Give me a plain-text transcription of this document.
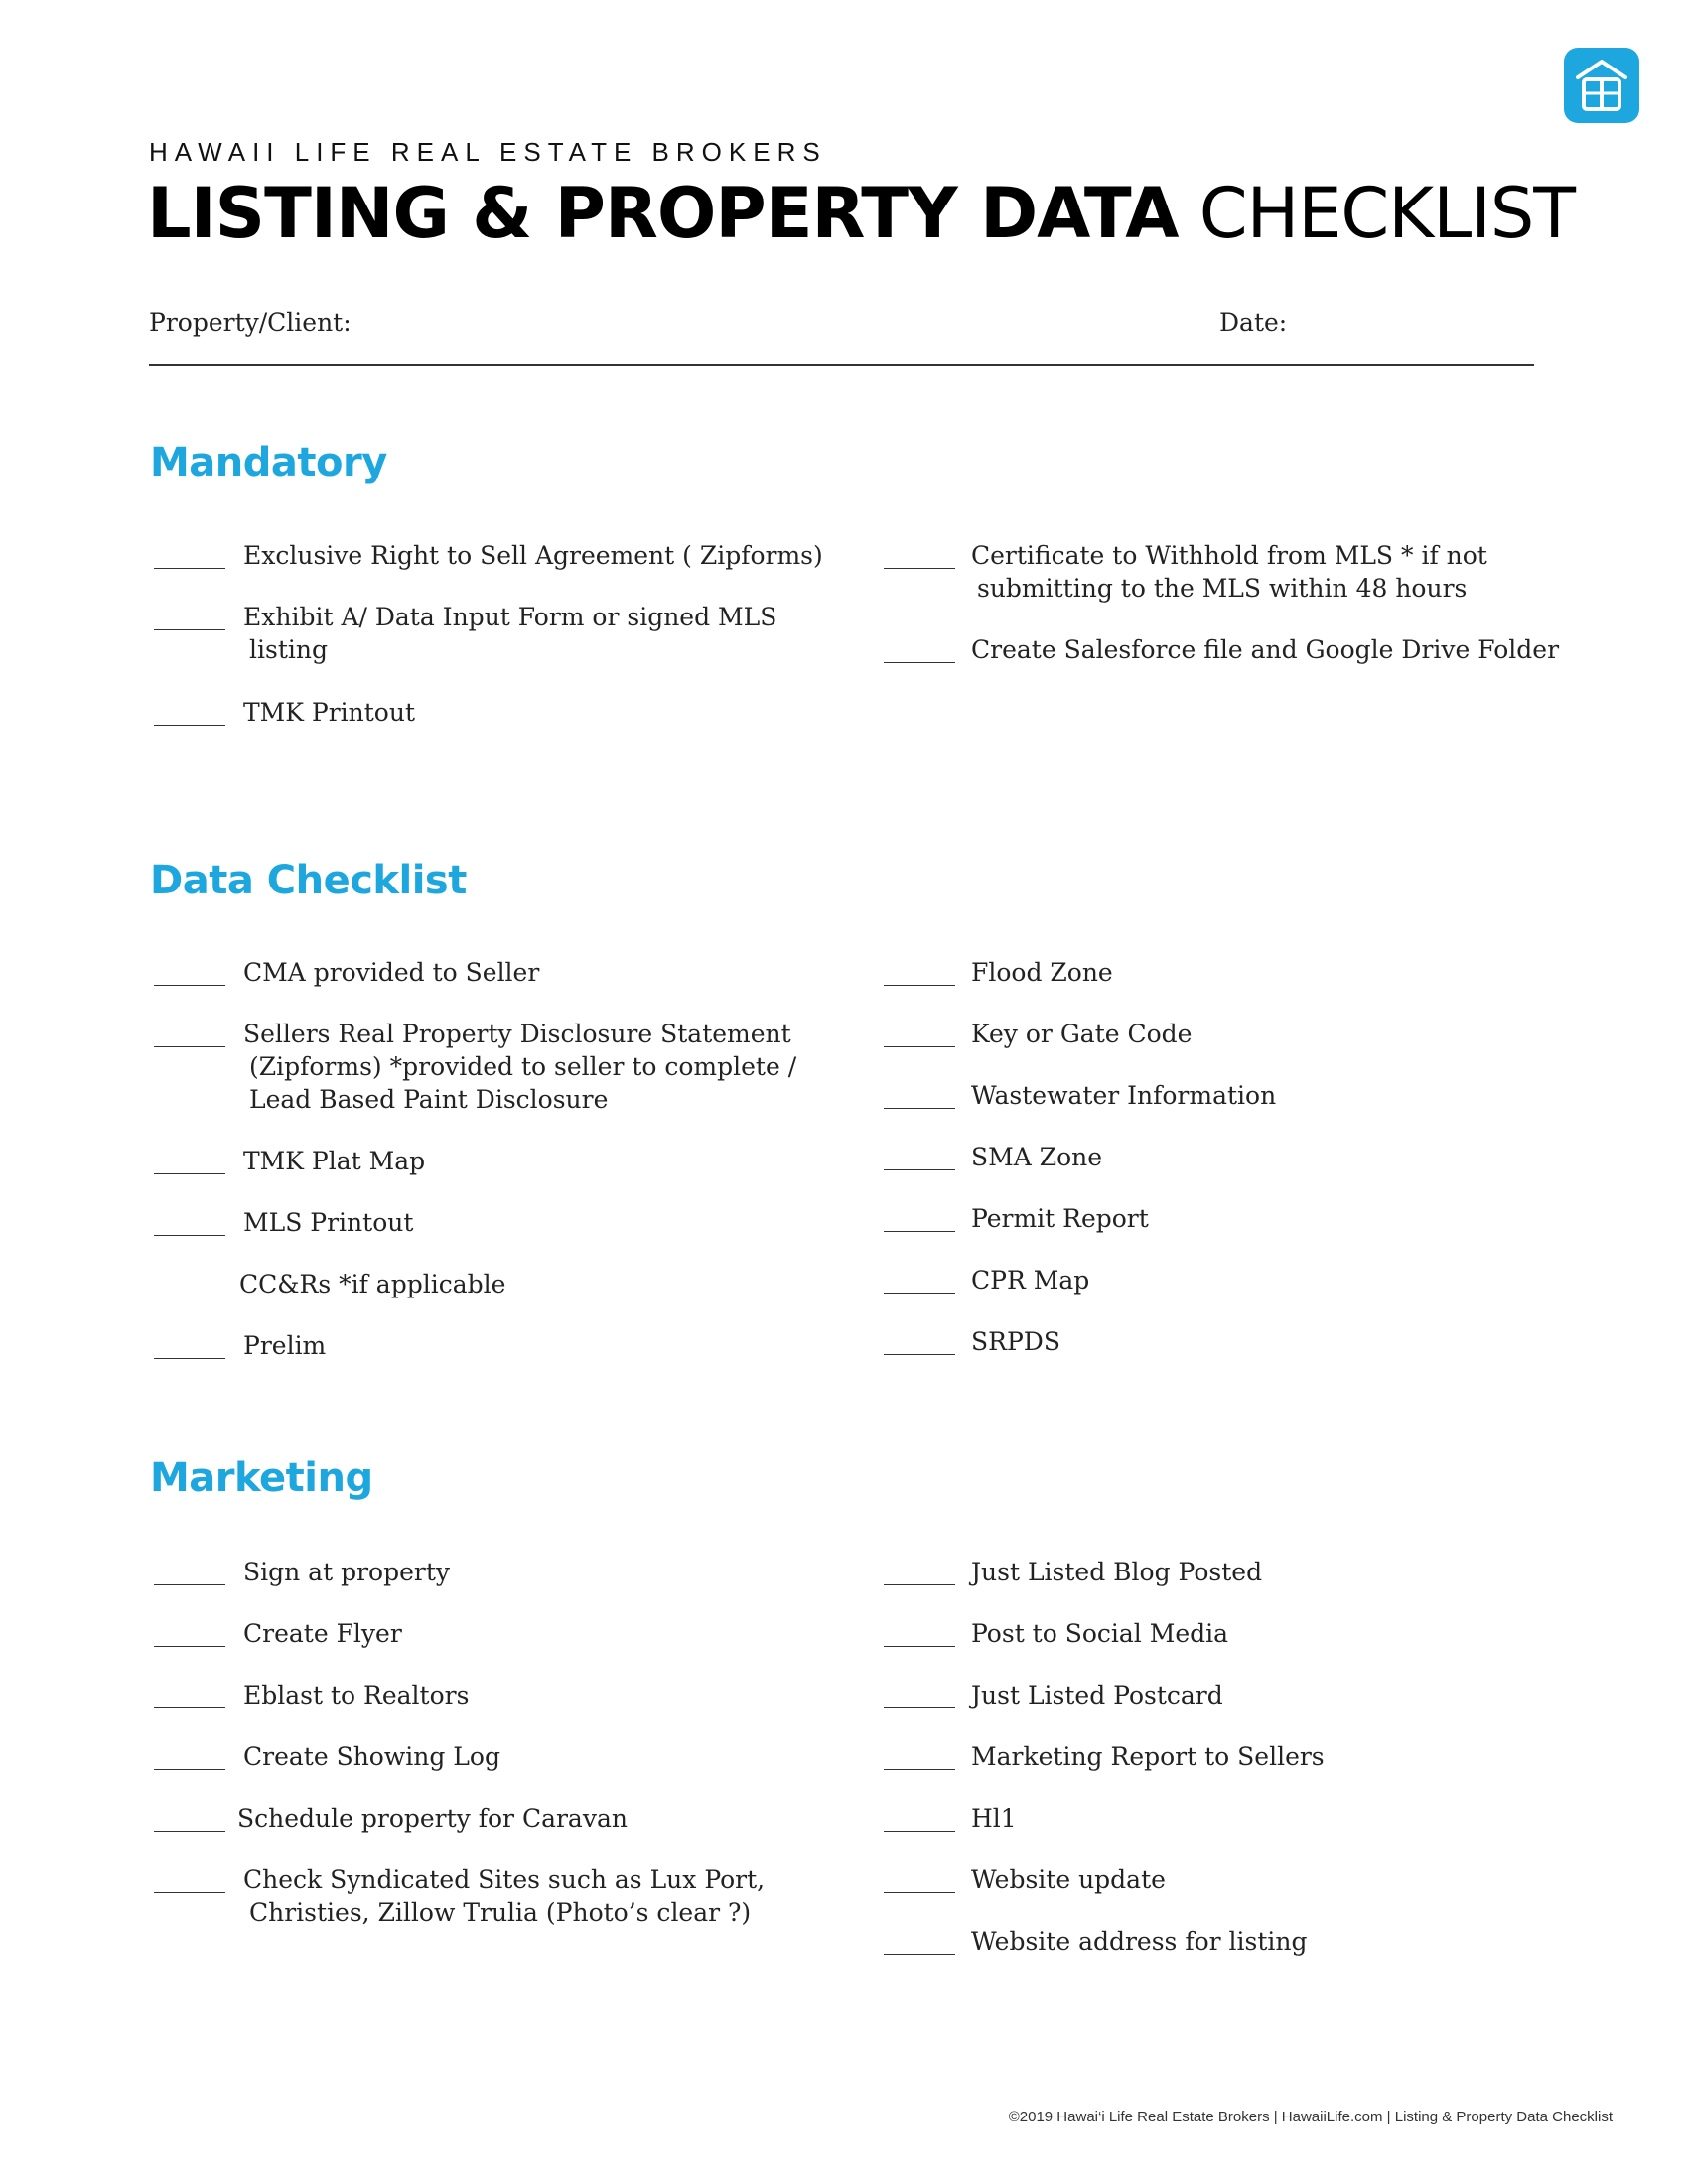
HAWAII LIFE REAL ESTATE BROKERS
LISTING & PROPERTY DATA CHECKLIST
Property/Client:	Date:
Mandatory
Exclusive Right to Sell Agreement ( Zipforms)
Exhibit A/ Data Input Form or signed MLS
listing
TMK Printout
Certificate to Withhold from MLS * if not
submitting to the MLS within 48 hours
Create Salesforce file and Google Drive Folder
Data Checklist
CMA provided to Seller
Sellers Real Property Disclosure Statement
(Zipforms) *provided to seller to complete /
Lead Based Paint Disclosure
TMK Plat Map
MLS Printout
CC&Rs *if applicable
Prelim
Flood Zone
Key or Gate Code
Wastewater Information
SMA Zone
Permit Report
CPR Map
SRPDS
Marketing
Sign at property
Create Flyer
Eblast to Realtors
Create Showing Log
Schedule property for Caravan
Check Syndicated Sites such as Lux Port,
Christies, Zillow Trulia (Photo’s clear ?)
Just Listed Blog Posted
Post to Social Media
Just Listed Postcard
Marketing Report to Sellers
Hl1
Website update
Website address for listing
©2019 Hawai‘i Life Real Estate Brokers | HawaiiLife.com | Listing & Property Data Checklist
